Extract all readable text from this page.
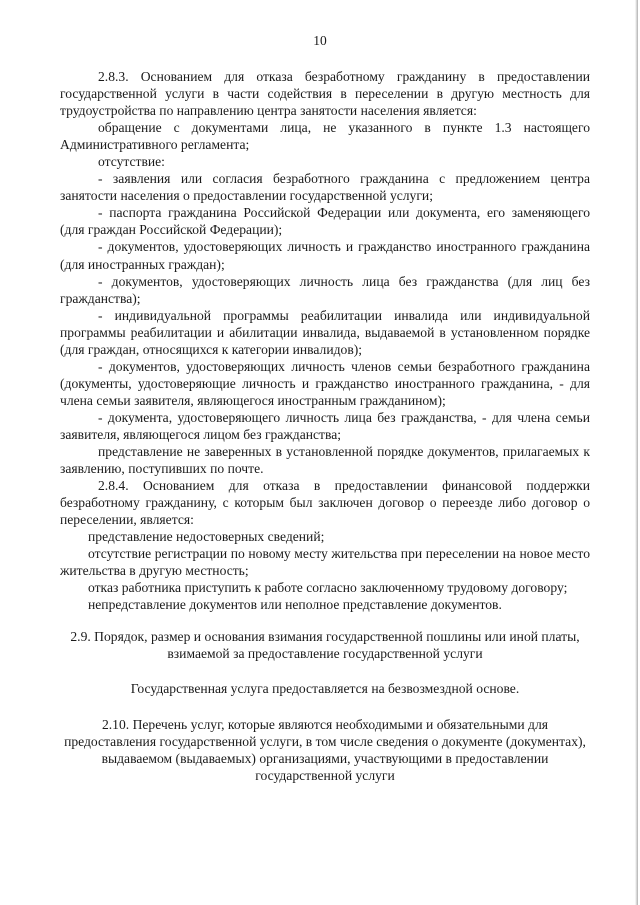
10

2.8.3. Основанием для отказа безработному гражданину в предоставлении государственной услуги в части содействия в переселении в другую местность для трудоустройства по направлению центра занятости населения является:

обращение с документами лица, не указанного в пункте 1.3 настоящего Административного регламента;

отсутствие:

- заявления или согласия безработного гражданина с предложением центра занятости населения о предоставлении государственной услуги;

- паспорта гражданина Российской Федерации или документа, его заменяющего (для граждан Российской Федерации);

- документов, удостоверяющих личность и гражданство иностранного гражданина (для иностранных граждан);

- документов, удостоверяющих личность лица без гражданства (для лиц без гражданства);

- индивидуальной программы реабилитации инвалида или индивидуальной программы реабилитации и абилитации инвалида, выдаваемой в установленном порядке (для граждан, относящихся к категории инвалидов);

- документов, удостоверяющих личность членов семьи безработного гражданина (документы, удостоверяющие личность и гражданство иностранного гражданина, - для члена семьи заявителя, являющегося иностранным гражданином);

- документа, удостоверяющего личность лица без гражданства, - для члена семьи заявителя, являющегося лицом без гражданства;

представление не заверенных в установленной порядке документов, прилагаемых к заявлению, поступивших по почте.

2.8.4. Основанием для отказа в предоставлении финансовой поддержки безработному гражданину, с которым был заключен договор о переезде либо договор о переселении, является:

представление недостоверных сведений;

отсутствие регистрации по новому месту жительства при переселении на новое место жительства в другую местность;

отказ работника приступить к работе согласно заключенному трудовому договору;

непредставление документов или неполное представление документов.

2.9. Порядок, размер и основания взимания государственной пошлины или иной платы, взимаемой за предоставление государственной услуги

Государственная услуга предоставляется на безвозмездной основе.

2.10. Перечень услуг, которые являются необходимыми и обязательными для предоставления государственной услуги, в том числе сведения о документе (документах), выдаваемом (выдаваемых) организациями, участвующими в предоставлении государственной услуги
